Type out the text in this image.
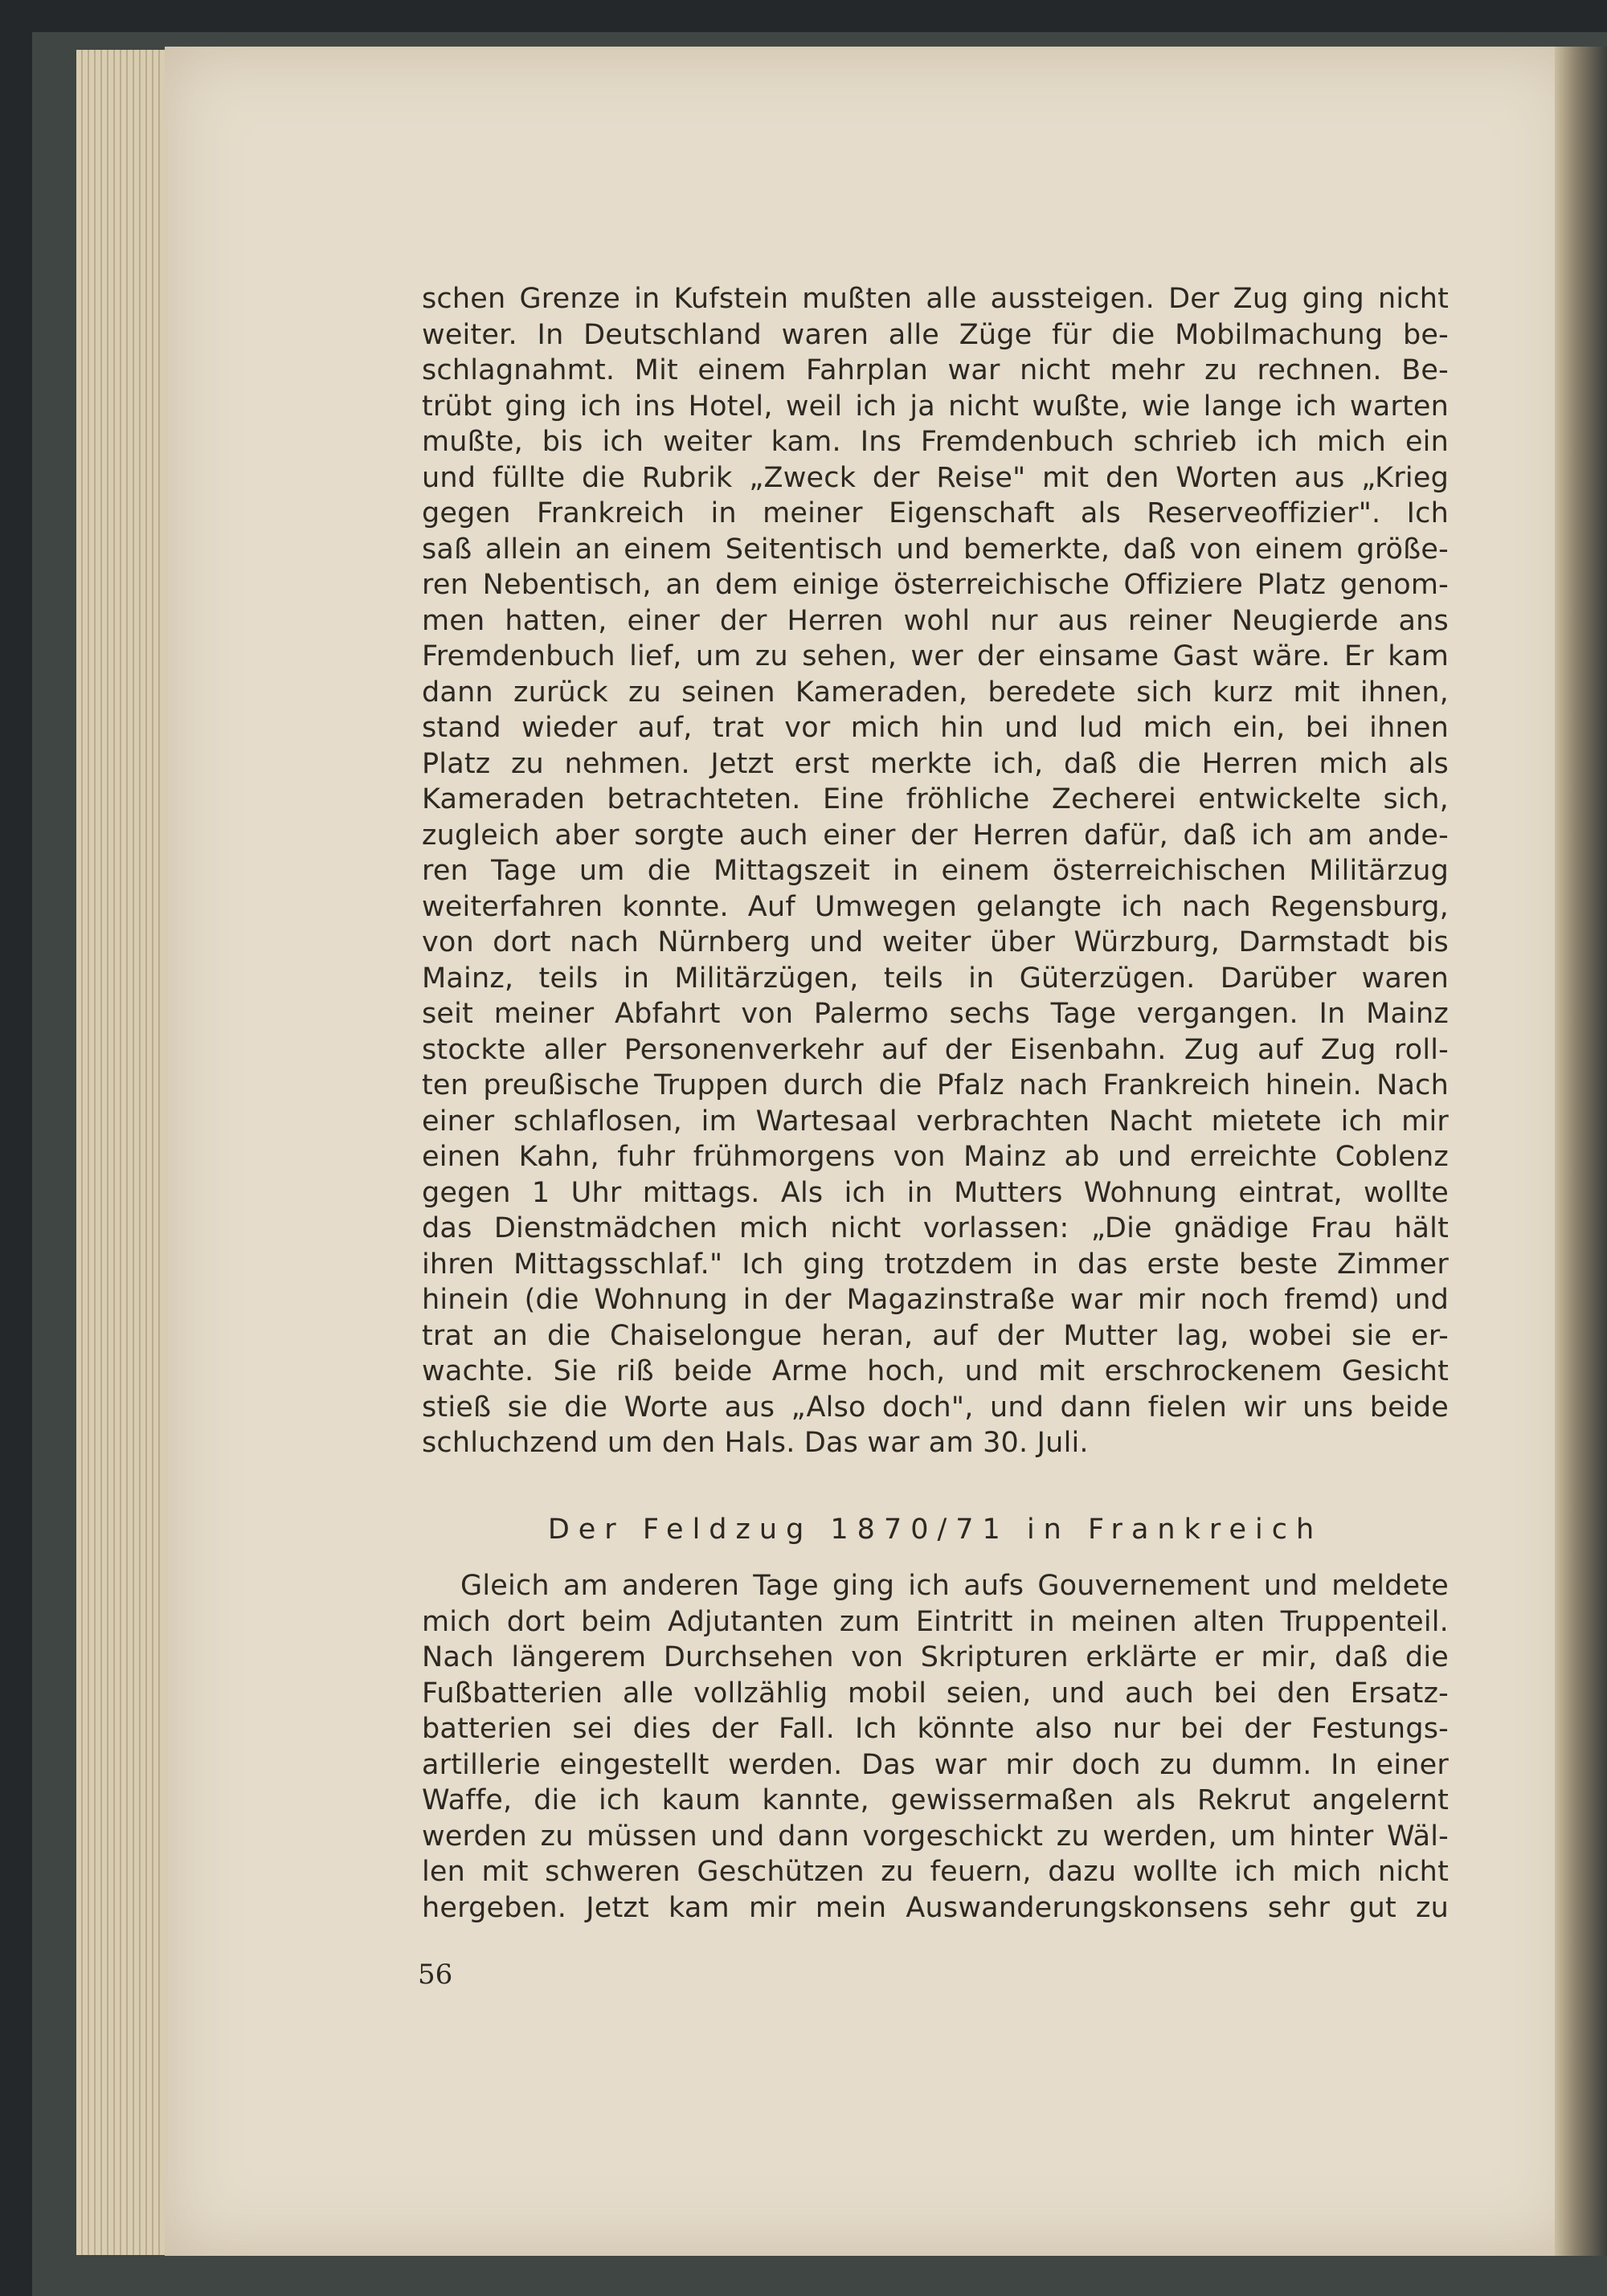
schen Grenze in Kufstein mußten alle aussteigen. Der Zug ging nicht

weiter. In Deutschland waren alle Züge für die Mobilmachung be-

schlagnahmt. Mit einem Fahrplan war nicht mehr zu rechnen. Be-

trübt ging ich ins Hotel, weil ich ja nicht wußte, wie lange ich warten

mußte, bis ich weiter kam. Ins Fremdenbuch schrieb ich mich ein

und füllte die Rubrik „Zweck der Reise" mit den Worten aus „Krieg

gegen Frankreich in meiner Eigenschaft als Reserveoffizier". Ich

saß allein an einem Seitentisch und bemerkte, daß von einem größe-

ren Nebentisch, an dem einige österreichische Offiziere Platz genom-

men hatten, einer der Herren wohl nur aus reiner Neugierde ans

Fremdenbuch lief, um zu sehen, wer der einsame Gast wäre. Er kam

dann zurück zu seinen Kameraden, beredete sich kurz mit ihnen,

stand wieder auf, trat vor mich hin und lud mich ein, bei ihnen

Platz zu nehmen. Jetzt erst merkte ich, daß die Herren mich als

Kameraden betrachteten. Eine fröhliche Zecherei entwickelte sich,

zugleich aber sorgte auch einer der Herren dafür, daß ich am ande-

ren Tage um die Mittagszeit in einem österreichischen Militärzug

weiterfahren konnte. Auf Umwegen gelangte ich nach Regensburg,

von dort nach Nürnberg und weiter über Würzburg, Darmstadt bis

Mainz, teils in Militärzügen, teils in Güterzügen. Darüber waren

seit meiner Abfahrt von Palermo sechs Tage vergangen. In Mainz

stockte aller Personenverkehr auf der Eisenbahn. Zug auf Zug roll-

ten preußische Truppen durch die Pfalz nach Frankreich hinein. Nach

einer schlaflosen, im Wartesaal verbrachten Nacht mietete ich mir

einen Kahn, fuhr frühmorgens von Mainz ab und erreichte Coblenz

gegen 1 Uhr mittags. Als ich in Mutters Wohnung eintrat, wollte

das Dienstmädchen mich nicht vorlassen: „Die gnädige Frau hält

ihren Mittagsschlaf." Ich ging trotzdem in das erste beste Zimmer

hinein (die Wohnung in der Magazinstraße war mir noch fremd) und

trat an die Chaiselongue heran, auf der Mutter lag, wobei sie er-

wachte. Sie riß beide Arme hoch, und mit erschrockenem Gesicht

stieß sie die Worte aus „Also doch", und dann fielen wir uns beide

schluchzend um den Hals. Das war am 30. Juli.

Der Feldzug 1870/71 in Frankreich

Gleich am anderen Tage ging ich aufs Gouvernement und meldete

mich dort beim Adjutanten zum Eintritt in meinen alten Truppenteil.

Nach längerem Durchsehen von Skripturen erklärte er mir, daß die

Fußbatterien alle vollzählig mobil seien, und auch bei den Ersatz-

batterien sei dies der Fall. Ich könnte also nur bei der Festungs-

artillerie eingestellt werden. Das war mir doch zu dumm. In einer

Waffe, die ich kaum kannte, gewissermaßen als Rekrut angelernt

werden zu müssen und dann vorgeschickt zu werden, um hinter Wäl-

len mit schweren Geschützen zu feuern, dazu wollte ich mich nicht

hergeben. Jetzt kam mir mein Auswanderungskonsens sehr gut zu

56
